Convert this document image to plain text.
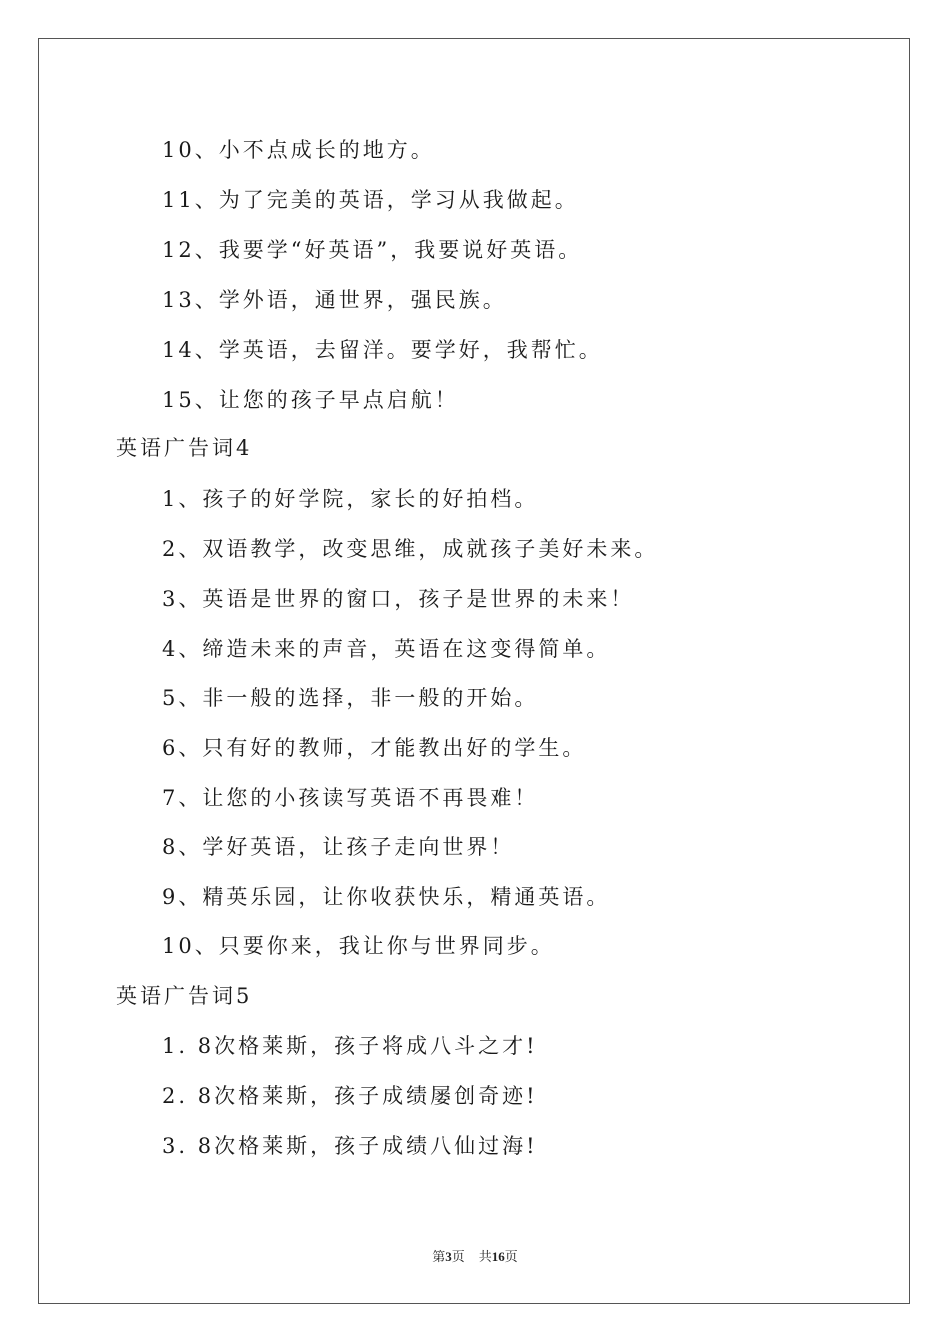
10、小不点成长的地方。
11、为了完美的英语，学习从我做起。
12、我要学“好英语”，我要说好英语。
13、学外语，通世界，强民族。
14、学英语，去留洋。要学好，我帮忙。
15、让您的孩子早点启航！
英语广告词4
1、孩子的好学院，家长的好拍档。
2、双语教学，改变思维，成就孩子美好未来。
3、英语是世界的窗口，孩子是世界的未来！
4、缔造未来的声音，英语在这变得简单。
5、非一般的选择，非一般的开始。
6、只有好的教师，才能教出好的学生。
7、让您的小孩读写英语不再畏难！
8、学好英语，让孩子走向世界！
9、精英乐园，让你收获快乐，精通英语。
10、只要你来，我让你与世界同步。
英语广告词5
1. 8次格莱斯，孩子将成八斗之才!
2. 8次格莱斯，孩子成绩屡创奇迹!
3. 8次格莱斯，孩子成绩八仙过海!
第3页 共16页
